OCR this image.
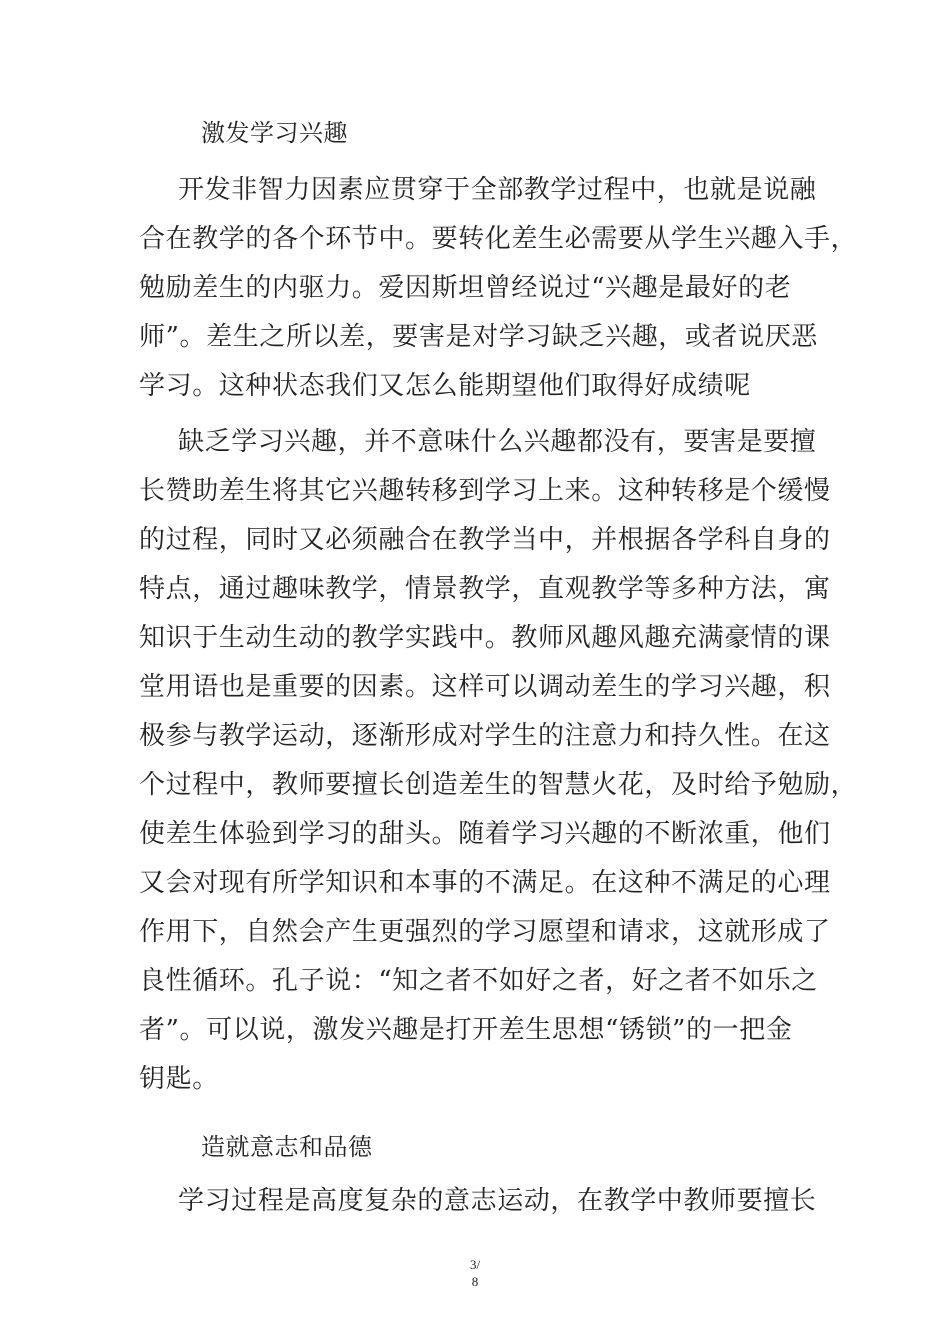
激发学习兴趣
开发非智力因素应贯穿于全部教学过程中，也就是说融
合在教学的各个环节中。要转化差生必需要从学生兴趣入手，
勉励差生的内驱力。爱因斯坦曾经说过“兴趣是最好的老
师”。差生之所以差，要害是对学习缺乏兴趣，或者说厌恶
学习。这种状态我们又怎么能期望他们取得好成绩呢
缺乏学习兴趣，并不意味什么兴趣都没有，要害是要擅
长赞助差生将其它兴趣转移到学习上来。这种转移是个缓慢
的过程，同时又必须融合在教学当中，并根据各学科自身的
特点，通过趣味教学，情景教学，直观教学等多种方法，寓
知识于生动生动的教学实践中。教师风趣风趣充满豪情的课
堂用语也是重要的因素。这样可以调动差生的学习兴趣，积
极参与教学运动，逐渐形成对学生的注意力和持久性。在这
个过程中，教师要擅长创造差生的智慧火花，及时给予勉励，
使差生体验到学习的甜头。随着学习兴趣的不断浓重，他们
又会对现有所学知识和本事的不满足。在这种不满足的心理
作用下，自然会产生更强烈的学习愿望和请求，这就形成了
良性循环。孔子说：“知之者不如好之者，好之者不如乐之
者”。可以说，激发兴趣是打开差生思想“锈锁”的一把金
钥匙。
造就意志和品德
学习过程是高度复杂的意志运动，在教学中教师要擅长
3/
8
